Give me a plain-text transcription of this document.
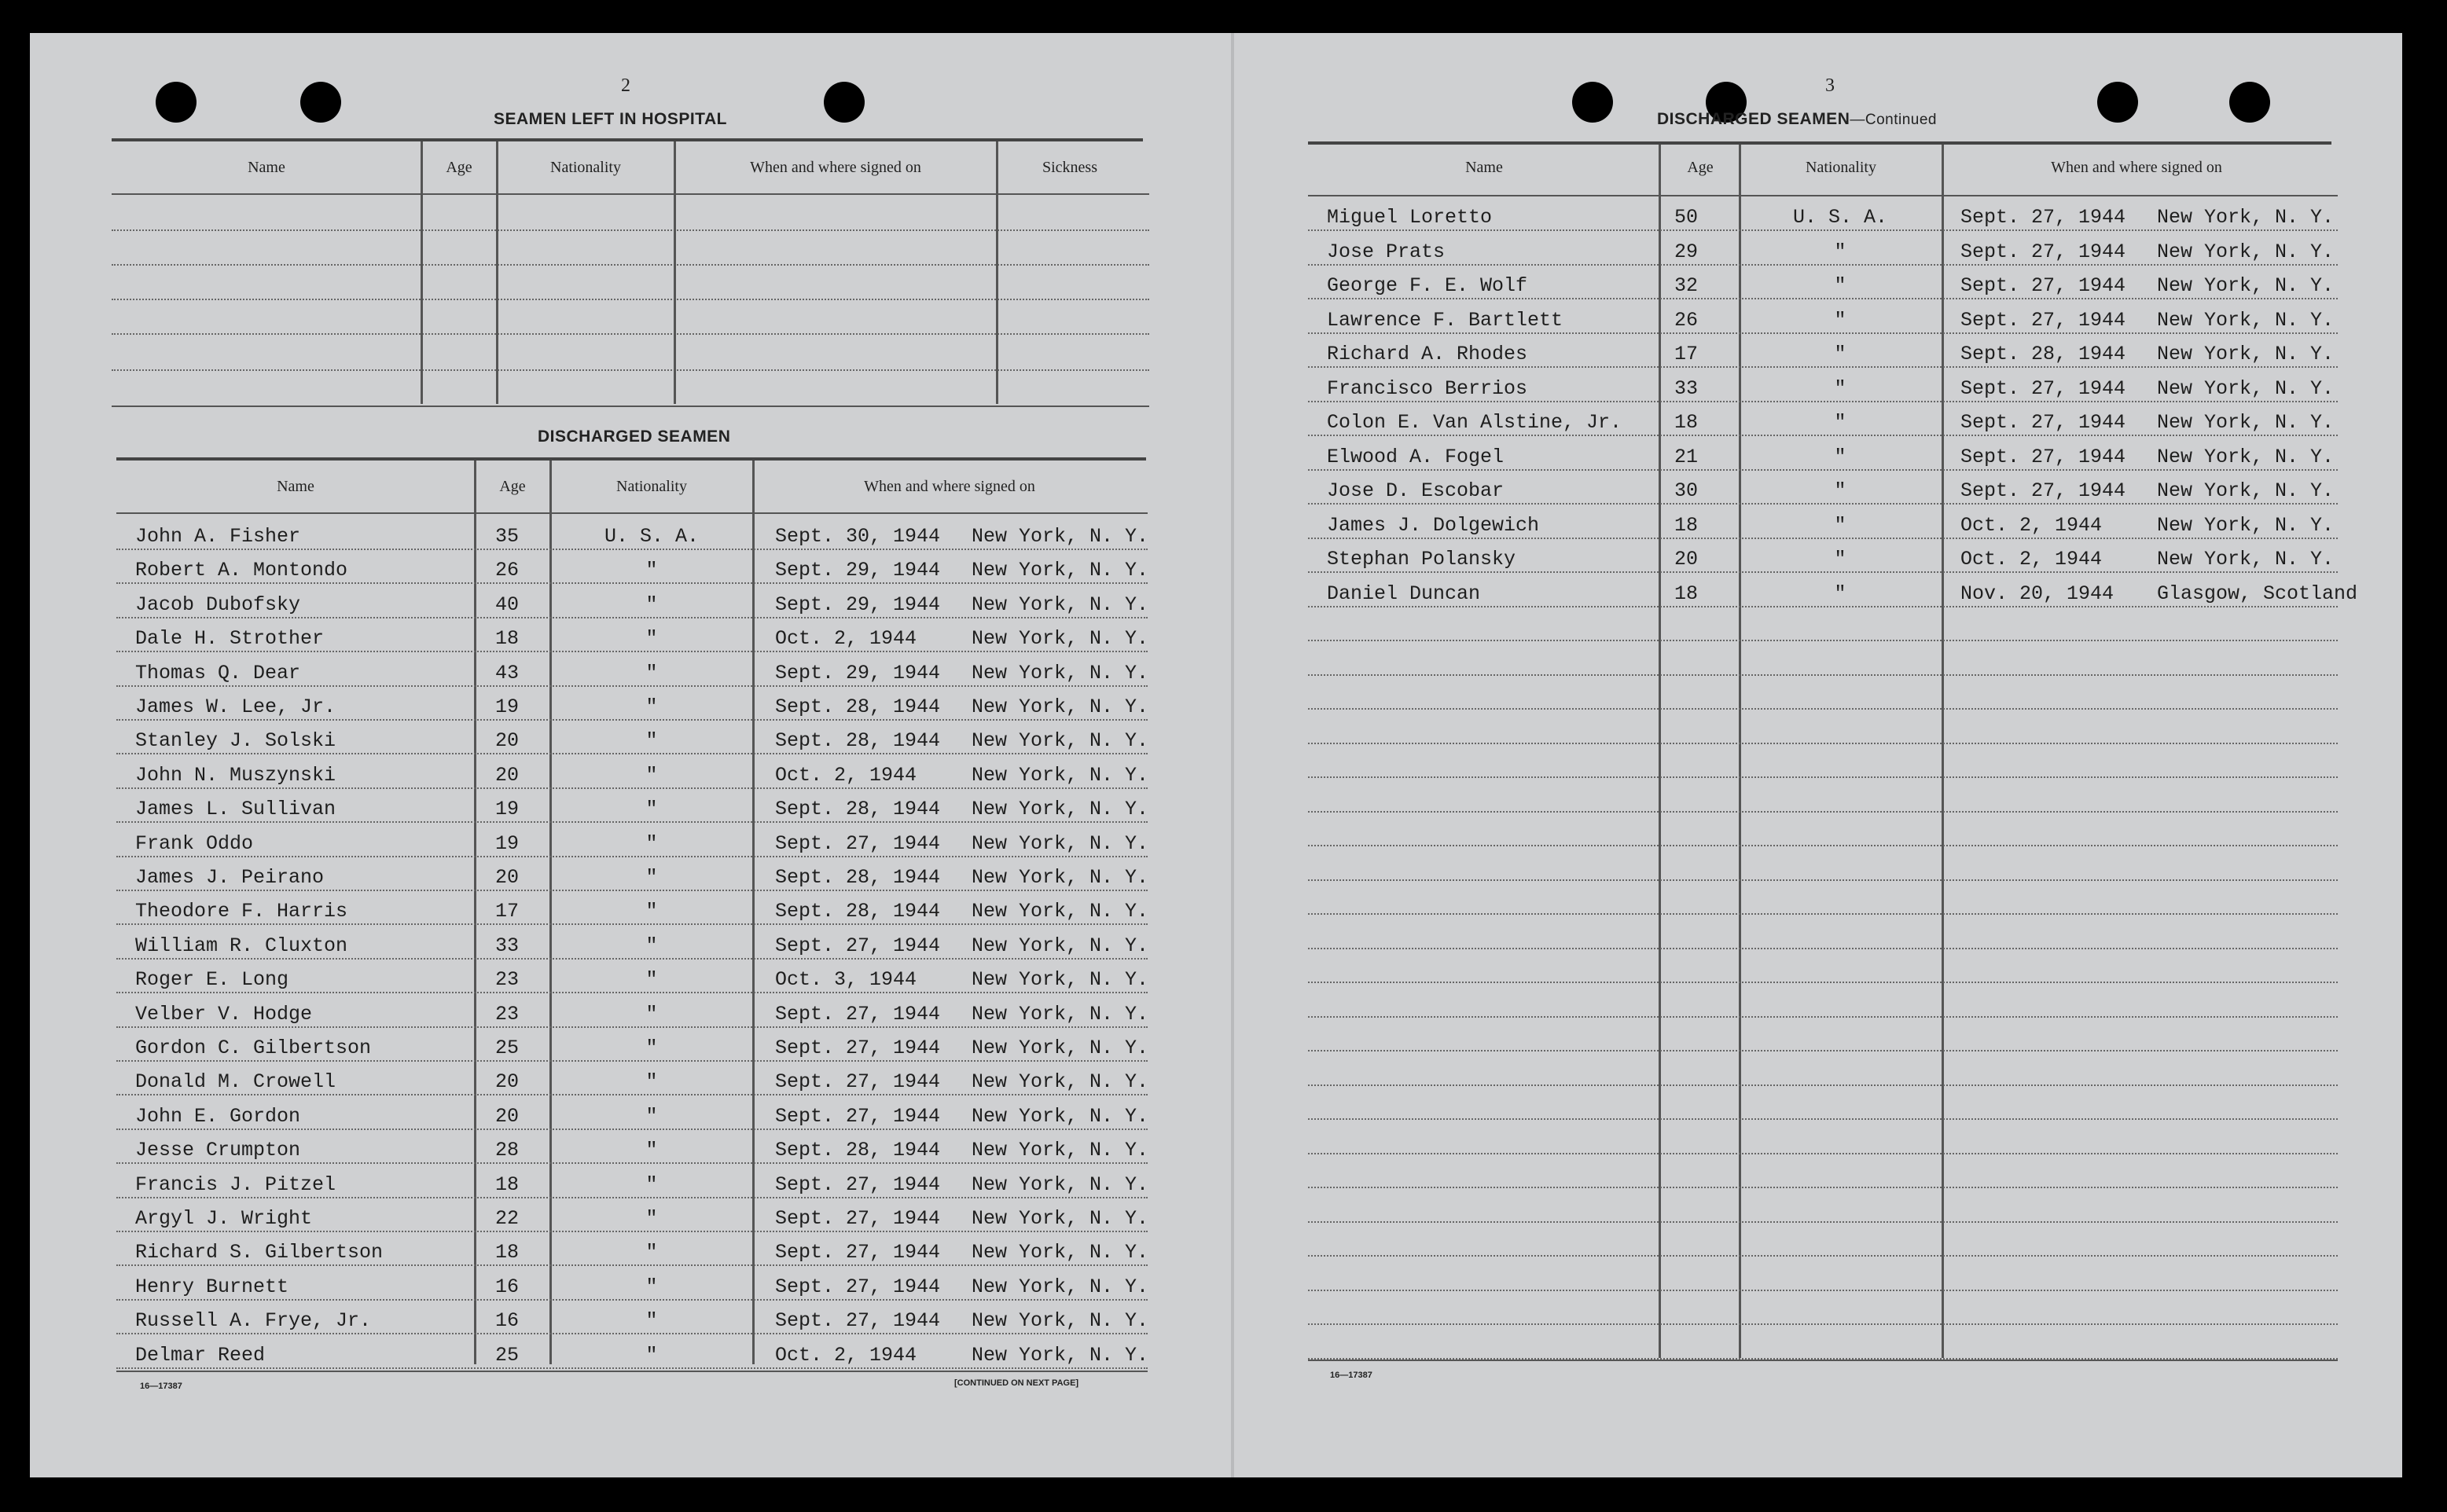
2
SEAMEN LEFT IN HOSPITAL
Name	Age	Nationality	When and where signed on	Sickness
DISCHARGED SEAMEN
Name	Age	Nationality	When and where signed on
John A. Fisher	35	U. S. A.	Sept. 30, 1944 New York, N. Y.
Robert A. Montondo	26	"	Sept. 29, 1944 New York, N. Y.
Jacob Dubofsky	40	"	Sept. 29, 1944 New York, N. Y.
Dale H. Strother	18	"	Oct. 2, 1944	New York, N. Y.
Thomas Q. Dear	43	"	Sept. 29, 1944 New York, N. Y.
James W. Lee, Jr.	19	"	Sept. 28, 1944 New York, N. Y.
Stanley J. Solski	20	"	Sept. 28, 1944 New York, N. Y.
John N. Muszynski	20	"	Oct. 2, 1944	New York, N. Y.
James L. Sullivan	19	"	Sept. 28, 1944 New York, N. Y.
Frank Oddo	19	"	Sept. 27, 1944 New York, N. Y.
James J. Peirano	20	"	Sept. 28, 1944 New York, N. Y.
Theodore F. Harris	17	"	Sept. 28, 1944 New York, N. Y.
William R. Cluxton	33	"	Sept. 27, 1944 New York, N. Y.
Roger E. Long	23	"	Oct. 3, 1944	New York, N. Y.
Velber V. Hodge	23	"	Sept. 27, 1944 New York, N. Y.
Gordon C. Gilbertson	25	"	Sept. 27, 1944 New York, N. Y.
Donald M. Crowell	20	"	Sept. 27, 1944 New York, N. Y.
John E. Gordon	20	"	Sept. 27, 1944 New York, N. Y.
Jesse Crumpton	28	"	Sept. 28, 1944 New York, N. Y.
Francis J. Pitzel	18	"	Sept. 27, 1944 New York, N. Y.
Argyl J. Wright	22	"	Sept. 27, 1944 New York, N. Y.
Richard S. Gilbertson	18	"	Sept. 27, 1944 New York, N. Y.
Henry Burnett	16	"	Sept. 27, 1944 New York, N. Y.
Russell A. Frye, Jr.	16	"	Sept. 27, 1944 New York, N. Y.
Delmar Reed	25	"	Oct. 2, 1944	New York, N. Y.
16—17387	[CONTINUED ON NEXT PAGE]
3
DISCHARGED SEAMEN—Continued
Name	Age	Nationality	When and where signed on
Miguel Loretto	50	U. S. A.	Sept. 27, 1944 New York, N. Y.
Jose Prats	29	"	Sept. 27, 1944 New York, N. Y.
George F. E. Wolf	32	"	Sept. 27, 1944 New York, N. Y.
Lawrence F. Bartlett	26	"	Sept. 27, 1944 New York, N. Y.
Richard A. Rhodes	17	"	Sept. 28, 1944 New York, N. Y.
Francisco Berrios	33	"	Sept. 27, 1944 New York, N. Y.
Colon E. Van Alstine, Jr.	18	"	Sept. 27, 1944 New York, N. Y.
Elwood A. Fogel	21	"	Sept. 27, 1944 New York, N. Y.
Jose D. Escobar	30	"	Sept. 27, 1944 New York, N. Y.
James J. Dolgewich	18	"	Oct. 2, 1944	New York, N. Y.
Stephan Polansky	20	"	Oct. 2, 1944	New York, N. Y.
Daniel Duncan	18	"	Nov. 20, 1944 Glasgow, Scotland
16—17387
